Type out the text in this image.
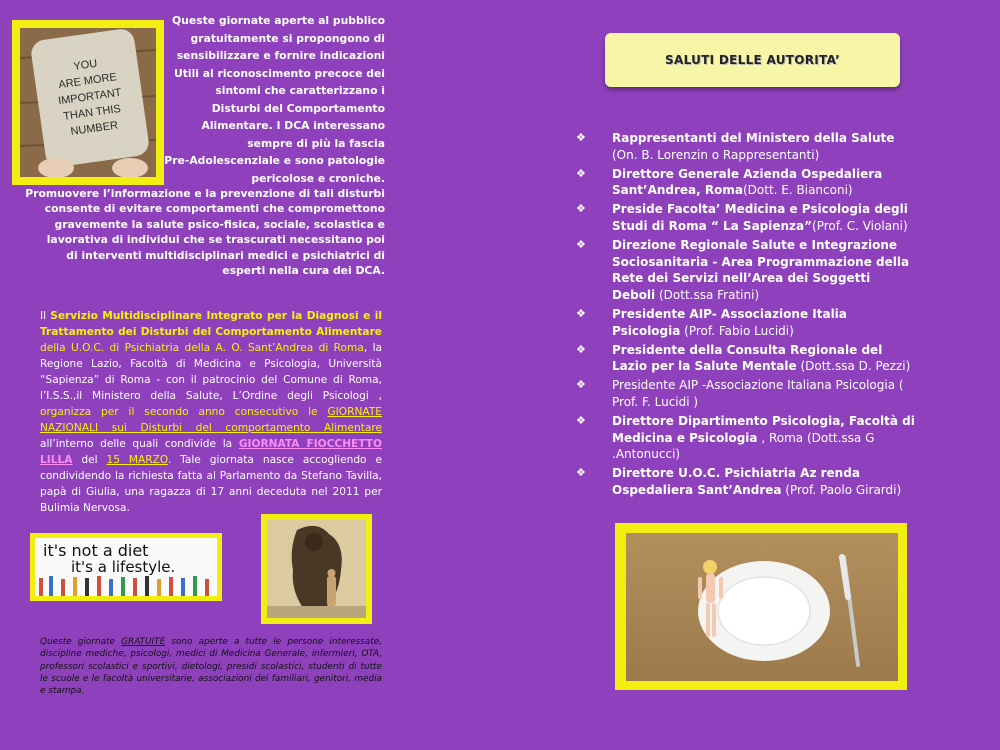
YOU
ARE MORE
IMPORTANT
THAN THIS
NUMBER
Queste giornate aperte al pubblico
gratuitamente si propongono di
sensibilizzare e fornire indicazioni
Utili al riconoscimento precoce dei
sintomi che caratterizzano i
Disturbi del Comportamento
Alimentare. I DCA interessano
sempre di più la fascia
Pre-Adolescenziale e sono patologie
pericolose e croniche.
Promuovere l’informazione e la prevenzione di tali disturbi
consente di evitare comportamenti che compromettono
gravemente la salute psico-fisica, sociale, scolastica e
lavorativa di individui che se trascurati necessitano poi
di interventi multidisciplinari medici e psichiatrici di
esperti nella cura dei DCA.
Il Servizio Multidisciplinare Integrato per la Diagnosi e il Trattamento dei Disturbi del Comportamento Alimentare della U.O.C. di Psichiatria della A. O. Sant’Andrea di Roma, la Regione Lazio, Facoltà di Medicina e Psicologia, Università “Sapienza” di Roma - con il patrocinio del Comune di Roma, l’I.S.S.,il Ministero della Salute, L’Ordine degli Psicologi , organizza per il secondo anno consecutivo le GIORNATE NAZIONALI sui Disturbi del comportamento Alimentare all’interno delle quali condivide la GIORNATA FIOCCHETTO LILLA del 15 MARZO. Tale giornata nasce accogliendo e condividendo la richiesta fatta al Parlamento da Stefano Tavilla, papà di Giulia, una ragazza di 17 anni deceduta nel 2011 per Bulimia Nervosa.
it's not a diet
it's a lifestyle.
Queste giornate GRATUITE sono aperte a tutte le persone interessate, discipline mediche, psicologi, medici di Medicina Generale, infermieri, OTA, professori scolastici e sportivi, dietologi, presidi scolastici, studenti di tutte le scuole e le facoltà universitarie, associazioni dei familiari, genitori, media e stampa.
SALUTI DELLE AUTORITA’
❖ Rappresentanti del Ministero della Salute
(On. B. Lorenzin o Rappresentanti)
❖ Direttore Generale Azienda Ospedaliera Sant’Andrea, Roma(Dott. E. Bianconi)
❖ Preside Facolta’ Medicina e Psicologia degli Studi di Roma “ La Sapienza”(Prof. C. Violani)
❖ Direzione Regionale Salute e Integrazione Sociosanitaria - Area Programmazione della Rete dei Servizi nell’Area dei Soggetti Deboli (Dott.ssa Fratini)
❖ Presidente AIP- Associazione Italia Psicologia (Prof. Fabio Lucidi)
❖ Presidente della Consulta Regionale del Lazio per la Salute Mentale (Dott.ssa D. Pezzi)
❖ Presidente AIP -Associazione Italiana Psicologia ( Prof. F. Lucidi )
❖ Direttore Dipartimento Psicologia, Facoltà di Medicina e Psicologia , Roma (Dott.ssa G .Antonucci)
❖ Direttore U.O.C. Psichiatria Az renda Ospedaliera Sant’Andrea (Prof. Paolo Girardi)
